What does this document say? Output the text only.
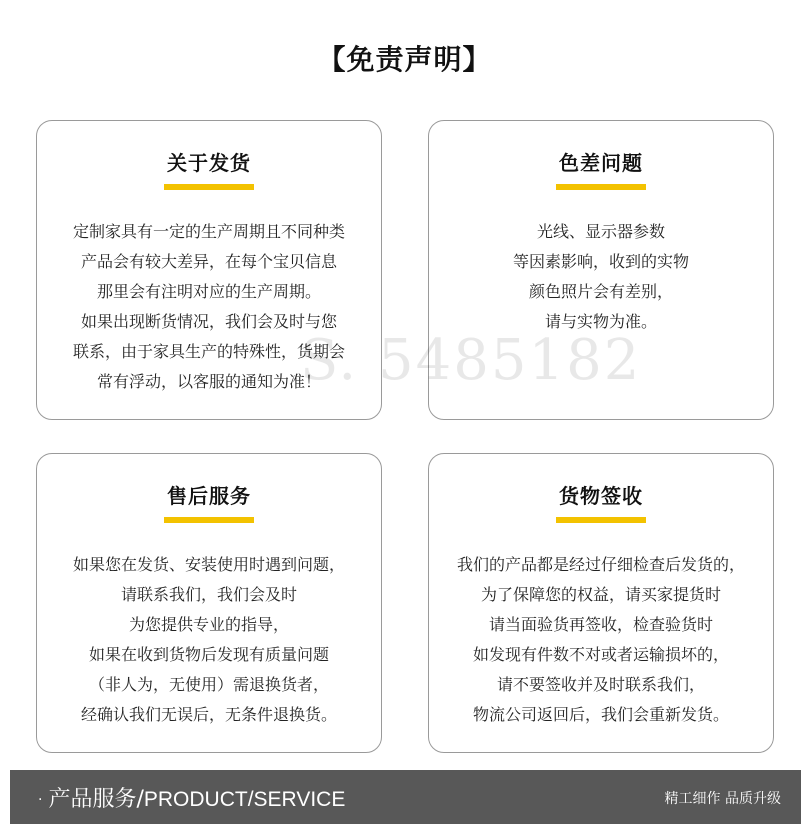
【免责声明】
关于发货
定制家具有一定的生产周期且不同种类
产品会有较大差异，在每个宝贝信息
那里会有注明对应的生产周期。
如果出现断货情况，我们会及时与您
联系，由于家具生产的特殊性，货期会
常有浮动，以客服的通知为准！
色差问题
光线、显示器参数
等因素影响，收到的实物
颜色照片会有差别，
请与实物为准。
售后服务
如果您在发货、安装使用时遇到问题，
请联系我们，我们会及时
为您提供专业的指导，
如果在收到货物后发现有质量问题
（非人为，无使用）需退换货者，
经确认我们无误后，无条件退换货。
货物签收
我们的产品都是经过仔细检查后发货的，
为了保障您的权益，请买家提货时
请当面验货再签收，检查验货时
如发现有件数不对或者运输损坏的，
请不要签收并及时联系我们，
物流公司返回后，我们会重新发货。
S. 5485182
· 产品服务/PRODUCT/SERVICE	精工细作 品质升级
